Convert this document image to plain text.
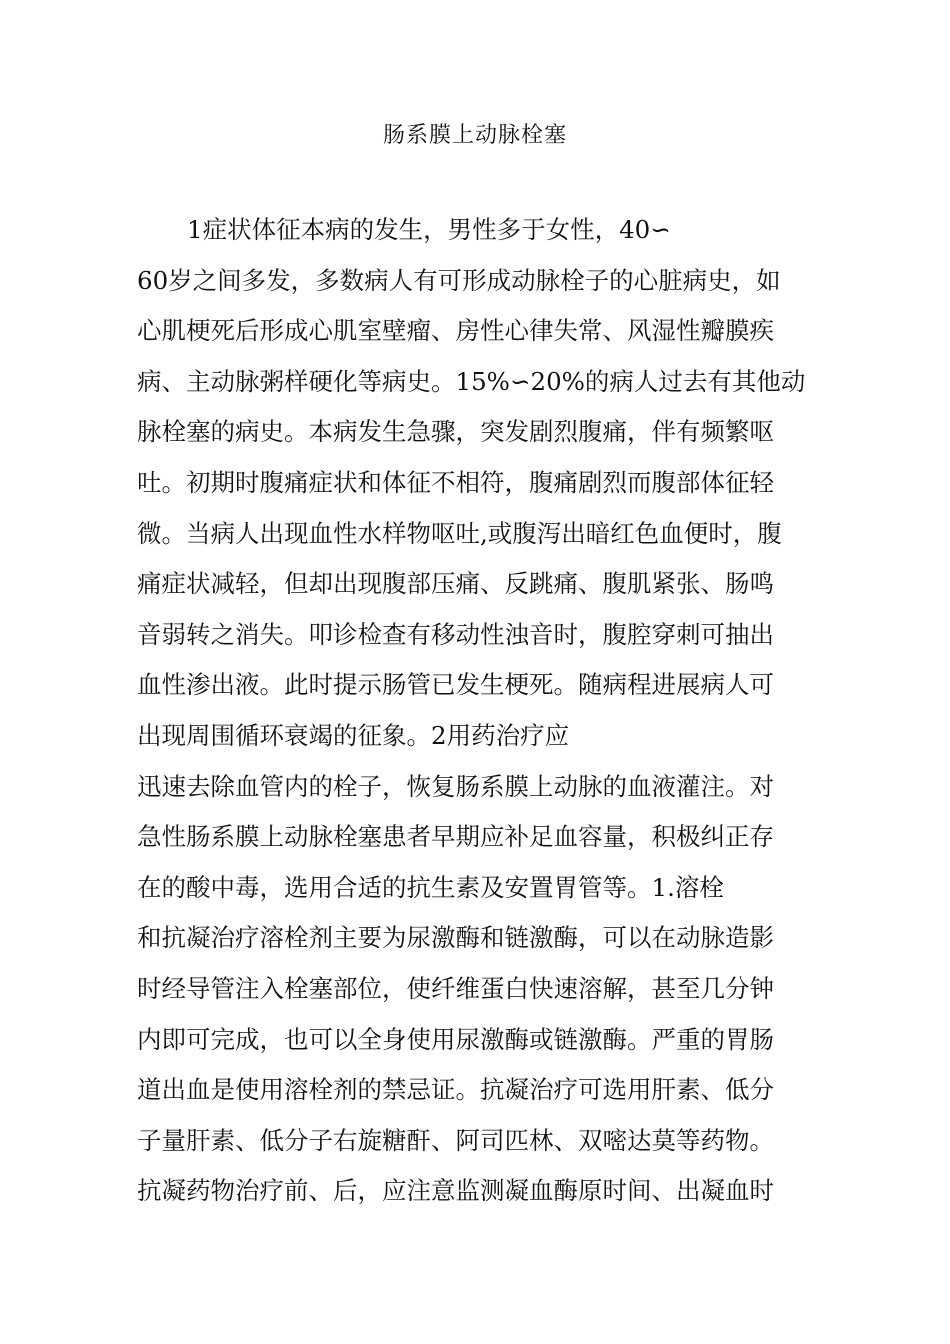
肠系膜上动脉栓塞
1症状体征本病的发生，男性多于女性，40∽
60岁之间多发，多数病人有可形成动脉栓子的心脏病史，如
心肌梗死后形成心肌室壁瘤、房性心律失常、风湿性瓣膜疾
病、主动脉粥样硬化等病史。15%∽20%的病人过去有其他动
脉栓塞的病史。本病发生急骤，突发剧烈腹痛，伴有频繁呕
吐。初期时腹痛症状和体征不相符，腹痛剧烈而腹部体征轻
微。当病人出现血性水样物呕吐,或腹泻出暗红色血便时，腹
痛症状减轻，但却出现腹部压痛、反跳痛、腹肌紧张、肠鸣
音弱转之消失。叩诊检查有移动性浊音时，腹腔穿刺可抽出
血性渗出液。此时提示肠管已发生梗死。随病程进展病人可
出现周围循环衰竭的征象。2用药治疗应
迅速去除血管内的栓子，恢复肠系膜上动脉的血液灌注。对
急性肠系膜上动脉栓塞患者早期应补足血容量，积极纠正存
在的酸中毒，选用合适的抗生素及安置胃管等。1.溶栓
和抗凝治疗溶栓剂主要为尿激酶和链激酶，可以在动脉造影
时经导管注入栓塞部位，使纤维蛋白快速溶解，甚至几分钟
内即可完成，也可以全身使用尿激酶或链激酶。严重的胃肠
道出血是使用溶栓剂的禁忌证。抗凝治疗可选用肝素、低分
子量肝素、低分子右旋糖酐、阿司匹林、双嘧达莫等药物。
抗凝药物治疗前、后，应注意监测凝血酶原时间、出凝血时
